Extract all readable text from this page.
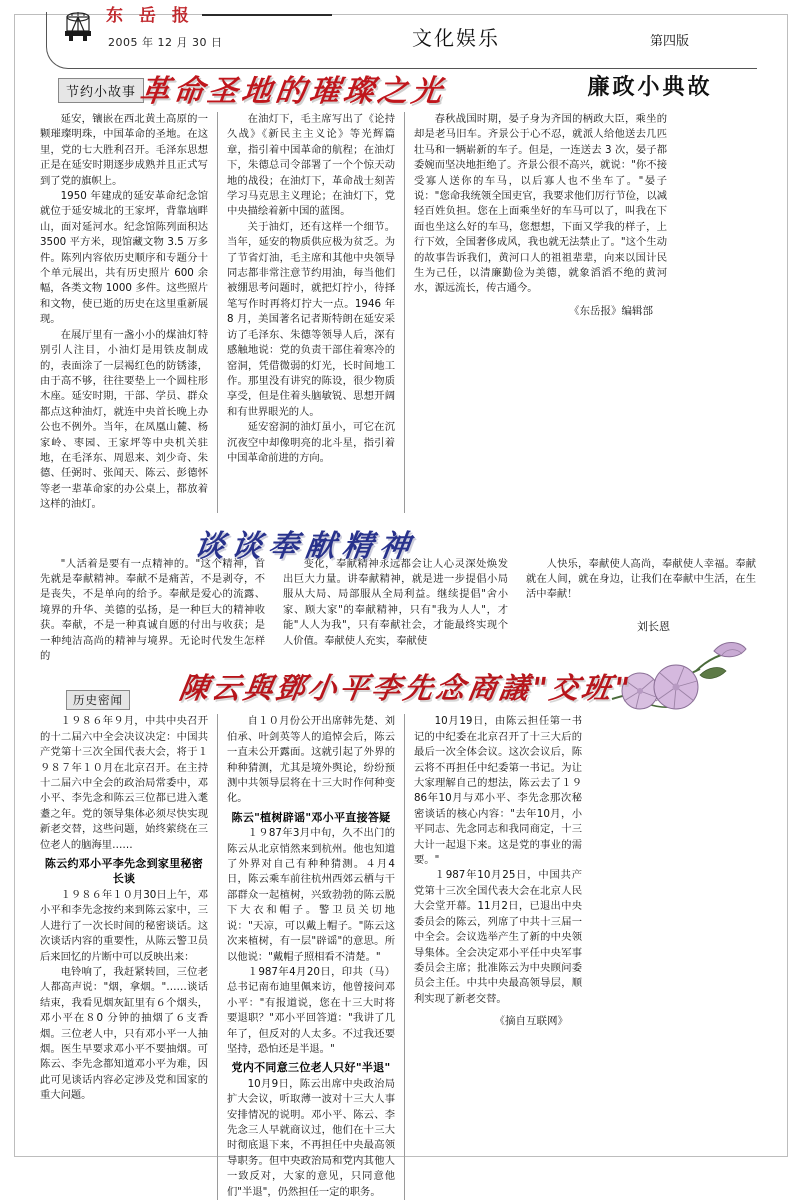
东 岳 报
2005 年 12 月 30 日	文化娱乐	第四版
节约小故事 革命圣地的璀璨之光	廉政小典故

延安，镶嵌在西北黄土高原的一颗璀璨明珠，中国革命的圣地。在这里，党的七大胜利召开。毛泽东思想正是在延安时期逐步成熟并且正式写到了党的旗帜上。

1950 年建成的延安革命纪念馆就位于延安城北的王家坪，背靠垴畔山，面对延河水。纪念馆陈列面积达 3500 平方米，现馆藏文物 3.5 万多件。陈列内容依历史顺序和专题分十个单元展出，共有历史照片 600 余幅，各类文物 1000 多件。这些照片和文物，使已逝的历史在这里重新展现。

在展厅里有一盏小小的煤油灯特别引人注目，小油灯是用铁皮制成的，表面涂了一层褐红色的防锈漆，由于高不够，往往要垫上一个圆柱形木座。延安时期，干部、学员、群众都点这种油灯，就连中央首长晚上办公也不例外。当年，在凤凰山麓、杨家岭、枣园、王家坪等中央机关驻地，在毛泽东、周恩来、刘少奇、朱德、任弼时、张闻天、陈云、彭德怀等老一辈革命家的办公桌上，都放着这样的油灯。

在油灯下，毛主席写出了《论持久战》《新民主主义论》等光辉篇章，指引着中国革命的航程；在油灯下，朱德总司令部署了一个个惊天动地的战役；在油灯下，革命战士刻苦学习马克思主义理论；在油灯下，党中央描绘着新中国的蓝图。

关于油灯，还有这样一个细节。当年，延安的物质供应极为贫乏。为了节省灯油，毛主席和其他中央领导同志都非常注意节约用油，每当他们被绷思考问题时，就把灯拧小，待择笔写作时再将灯拧大一点。1946 年 8 月，美国著名记者斯特朗在延安采访了毛泽东、朱德等领导人后，深有感触地说：党的负责干部住着寒冷的窑洞，凭借微弱的灯光，长时间地工作。那里没有讲究的陈设，很少物质享受，但是住着头脑敏锐、思想开阔和有世界眼光的人。

延安窑洞的油灯虽小，可它在沉沉夜空中却像明亮的北斗星，指引着中国革命前进的方向。

春秋战国时期，晏子身为齐国的柄政大臣，乘坐的却是老马旧车。齐景公于心不忍，就派人给他送去几匹壮马和一辆崭新的车子。但是，一连送去 3 次，晏子都委婉而坚决地拒绝了。齐景公很不高兴，就说："你不接受寡人送你的车马，以后寡人也不坐车了。"晏子说："您命我统领全国吏官，我要求他们厉行节俭，以减轻百姓负担。您在上面乘坐好的车马可以了，叫我在下面也坐这么好的车马，您想想，下面又学我的样子，上行下效，全国奢侈成风，我也就无法禁止了。"这个生动的故事告诉我们，黄河口人的祖祖辈辈，向来以国计民生为己任，以清廉勤俭为美德，就象滔滔不绝的黄河水，源远流长，传古通今。

《东岳报》编辑部
谈谈奉献精神

"人活着是要有一点精神的。"这个精神，首先就是奉献精神。奉献不是痛苦，不是剥夺，不是丧失，不是单向的给予。奉献是爱心的流露、境界的升华、美德的弘扬，是一种巨大的精神收获。奉献，不是一种真诚自愿的付出与收获；是一种纯洁高尚的精神与境界。无论时代发生怎样的

变化，奉献精神永远都会让人心灵深处焕发出巨大力量。讲奉献精神，就是进一步提倡小局服从大局、局部服从全局利益。继续提倡"舍小家、顾大家"的奉献精神，只有"我为人人"，才能"人人为我"，只有奉献社会，才能最终实现个人价值。奉献使人充实，奉献使

人快乐，奉献使人高尚，奉献使人幸福。奉献就在人间，就在身边，让我们在奉献中生活，在生活中奉献！

刘长恩
陳云與鄧小平李先念商議"交班"
历史密闻

１９８６年９月，中共中央召开的十二届六中全会决议决定：中国共产党第十三次全国代表大会，将于１９８７年１０月在北京召开。在主持十二届六中全会的政治局常委中，邓小平、李先念和陈云三位都已进入耄耋之年。党的领导集体必须尽快实现新老交替，这些问题，始终萦绕在三位老人的脑海里……

陈云约邓小平李先念到家里秘密长谈

１９８６年１０月30日上午，邓小平和李先念按约来到陈云家中，三人进行了一次长时间的秘密谈话。这次谈话内容的重要性，从陈云警卫员后来回忆的片断中可以反映出来：

电铃响了，我赶紧转回，三位老人都高声说："烟，拿烟。"……谈话结束，我看见烟灰缸里有６个烟头，邓小平在８0 分钟的抽烟了６支香烟。三位老人中，只有邓小平一人抽烟。医生早要求邓小平不要抽烟。可陈云、李先念都知道邓小平为难，因此可见谈话内容必定涉及党和国家的重大问题。

自１０月份公开出席韩先楚、刘伯承、叶剑英等人的追悼会后，陈云一直未公开露面。这就引起了外界的种种猜测，尤其是境外舆论，纷纷预测中共领导层将在十三大时作何种变化。

陈云"植树辟谣"邓小平直接答疑

１９87年3月中旬，久不出门的陈云从北京悄然来到杭州。他也知道了外界对自己有种种猜测。４月4日，陈云乘车前往杭州西郊云栖与干部群众一起植树，兴致勃勃的陈云脱下大衣和帽子。警卫员关切地说："天凉，可以戴上帽子。"陈云这次来植树，有一层"辟谣"的意思。所以他说："戴帽子照相看不清楚。"

１987年4月20日，印共（马）总书记南布迪里佩来访，他曾接问邓小平："有报道说，您在十三大时将要退职？"邓小平回答道："我讲了几年了，但反对的人太多。不过我还要坚持，恐怕还是半退。"

党内不同意三位老人只好"半退"

10月9日，陈云出席中央政治局扩大会议，听取薄一波对十三大人事安排情况的说明。邓小平、陈云、李先念三人早就商议过，他们在十三大时彻底退下来，不再担任中央最高领导职务。但中央政治局和党内其他人一致反对，大家的意见，只同意他们"半退"，仍然担任一定的职务。

10月19日，由陈云担任第一书记的中纪委在北京召开了十三大后的最后一次全体会议。这次会议后，陈云将不再担任中纪委第一书记。为让大家理解自己的想法，陈云去了１９86年10月与邓小平、李先念那次秘密谈话的核心内容："去年10月，小平同志、先念同志和我同商定，十三大计一起退下来。这是党的事业的需要。"

１987年10月25日，中国共产党第十三次全国代表大会在北京人民大会堂开幕。11月2日，已退出中央委员会的陈云，列席了中共十三届一中全会。会议选举产生了新的中央领导集体。全会决定邓小平任中央军事委员会主席；批准陈云为中央顾问委员会主任。中共中央最高领导层，顺利实现了新老交替。

《摘自互联网》
